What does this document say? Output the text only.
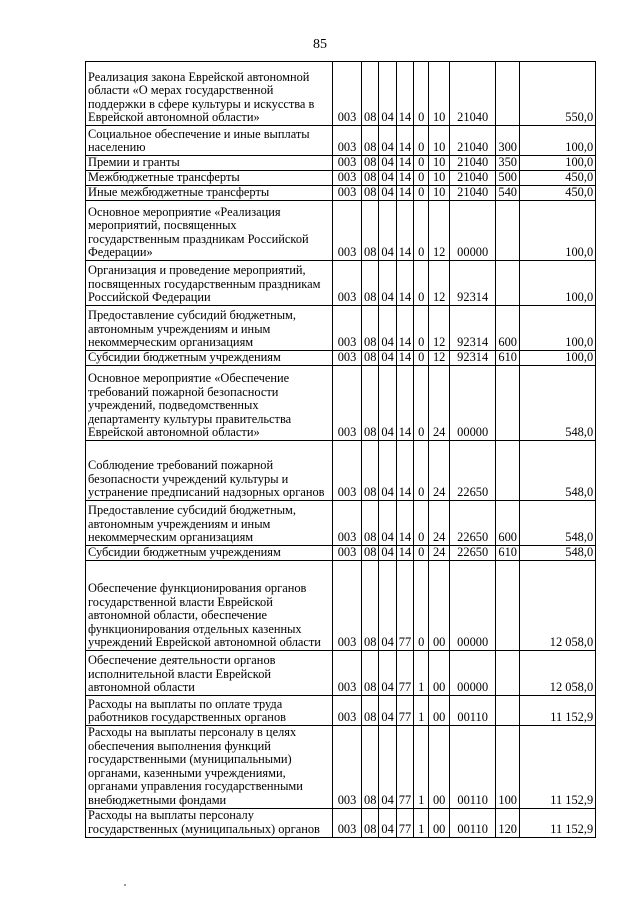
85
Реализация закона Еврейской автономной области «О мерах государственной поддержки в сфере культуры и искусства в Еврейской автономной области»	003	08	04	14	0	10	21040		550,0
Социальное обеспечение и иные выплаты населению	003	08	04	14	0	10	21040	300	100,0
Премии и гранты	003	08	04	14	0	10	21040	350	100,0
Межбюджетные трансферты	003	08	04	14	0	10	21040	500	450,0
Иные межбюджетные трансферты	003	08	04	14	0	10	21040	540	450,0
Основное мероприятие «Реализация мероприятий, посвященных государственным праздникам Российской Федерации»	003	08	04	14	0	12	00000		100,0
Организация и проведение мероприятий, посвященных государственным праздникам Российской Федерации	003	08	04	14	0	12	92314		100,0
Предоставление субсидий бюджетным, автономным учреждениям и иным некоммерческим организациям	003	08	04	14	0	12	92314	600	100,0
Субсидии бюджетным учреждениям	003	08	04	14	0	12	92314	610	100,0
Основное мероприятие «Обеспечение требований пожарной безопасности учреждений, подведомственных департаменту культуры правительства Еврейской автономной области»	003	08	04	14	0	24	00000		548,0
Соблюдение требований пожарной безопасности учреждений культуры и устранение предписаний надзорных органов	003	08	04	14	0	24	22650		548,0
Предоставление субсидий бюджетным, автономным учреждениям и иным некоммерческим организациям	003	08	04	14	0	24	22650	600	548,0
Субсидии бюджетным учреждениям	003	08	04	14	0	24	22650	610	548,0
Обеспечение функционирования органов государственной власти Еврейской автономной области, обеспечение функционирования отдельных казенных учреждений Еврейской автономной области	003	08	04	77	0	00	00000		12 058,0
Обеспечение деятельности органов исполнительной власти Еврейской автономной области	003	08	04	77	1	00	00000		12 058,0
Расходы на выплаты по оплате труда работников государственных органов	003	08	04	77	1	00	00110		11 152,9
Расходы на выплаты персоналу в целях обеспечения выполнения функций государственными (муниципальными) органами, казенными учреждениями, органами управления государственными внебюджетными фондами	003	08	04	77	1	00	00110	100	11 152,9
Расходы на выплаты персоналу государственных (муниципальных) органов	003	08	04	77	1	00	00110	120	11 152,9
